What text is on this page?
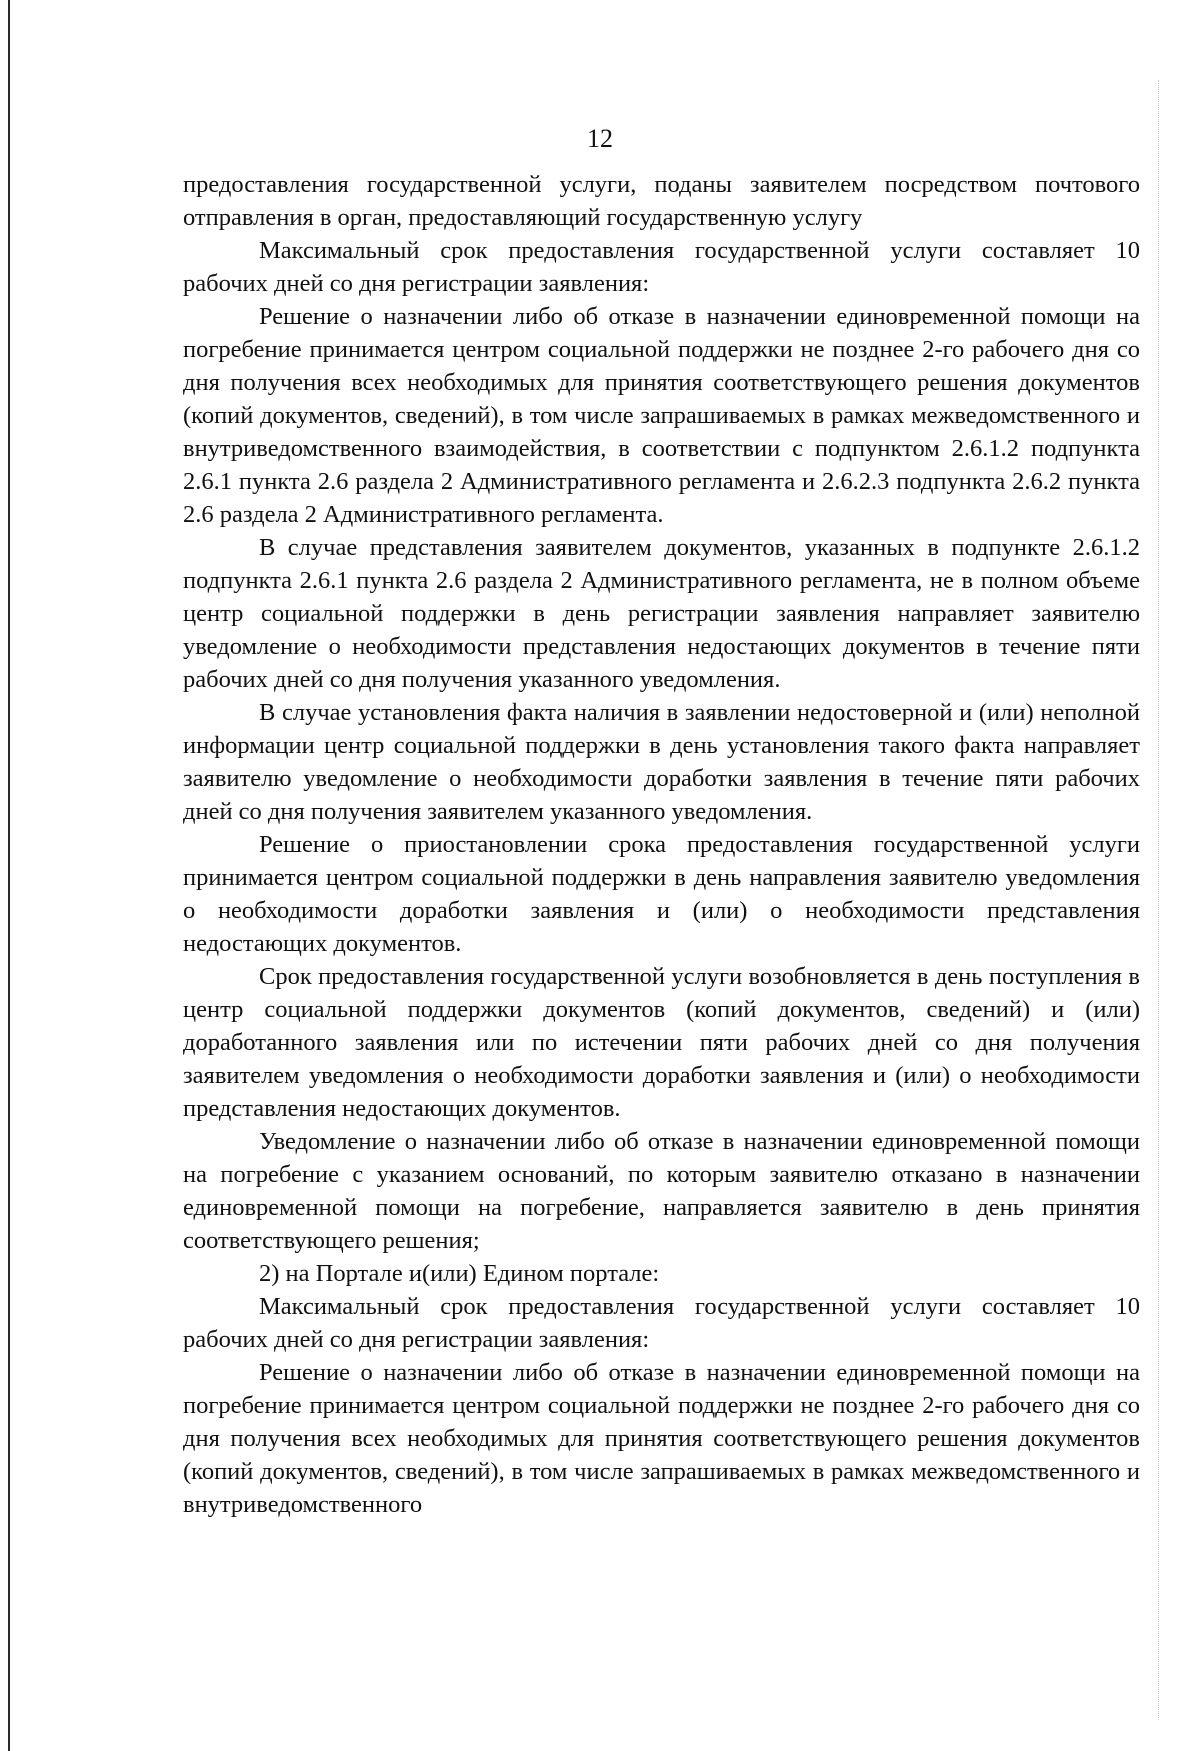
12

предоставления государственной услуги, поданы заявителем посредством почтового отправления в орган, предоставляющий государственную услугу

Максимальный срок предоставления государственной услуги составляет 10 рабочих дней со дня регистрации заявления:

Решение о назначении либо об отказе в назначении единовременной помощи на погребение принимается центром социальной поддержки не позднее 2-го рабочего дня со дня получения всех необходимых для принятия соответствующего решения документов (копий документов, сведений), в том числе запрашиваемых в рамках межведомственного и внутриведомственного взаимодействия, в соответствии с подпунктом 2.6.1.2 подпункта 2.6.1 пункта 2.6 раздела 2 Административного регламента и 2.6.2.3 подпункта 2.6.2 пункта 2.6 раздела 2 Административного регламента.

В случае представления заявителем документов, указанных в подпункте 2.6.1.2 подпункта 2.6.1 пункта 2.6 раздела 2 Административного регламента, не в полном объеме центр социальной поддержки в день регистрации заявления направляет заявителю уведомление о необходимости представления недостающих документов в течение пяти рабочих дней со дня получения указанного уведомления.

В случае установления факта наличия в заявлении недостоверной и (или) неполной информации центр социальной поддержки в день установления такого факта направляет заявителю уведомление о необходимости доработки заявления в течение пяти рабочих дней со дня получения заявителем указанного уведомления.

Решение о приостановлении срока предоставления государственной услуги принимается центром социальной поддержки в день направления заявителю уведомления о необходимости доработки заявления и (или) о необходимости представления недостающих документов.

Срок предоставления государственной услуги возобновляется в день поступления в центр социальной поддержки документов (копий документов, сведений) и (или) доработанного заявления или по истечении пяти рабочих дней со дня получения заявителем уведомления о необходимости доработки заявления и (или) о необходимости представления недостающих документов.

Уведомление о назначении либо об отказе в назначении единовременной помощи на погребение с указанием оснований, по которым заявителю отказано в назначении единовременной помощи на погребение, направляется заявителю в день принятия соответствующего решения;

2) на Портале и(или) Едином портале:

Максимальный срок предоставления государственной услуги составляет 10 рабочих дней со дня регистрации заявления:

Решение о назначении либо об отказе в назначении единовременной помощи на погребение принимается центром социальной поддержки не позднее 2-го рабочего дня со дня получения всех необходимых для принятия соответствующего решения документов (копий документов, сведений), в том числе запрашиваемых в рамках межведомственного и внутриведомственного
